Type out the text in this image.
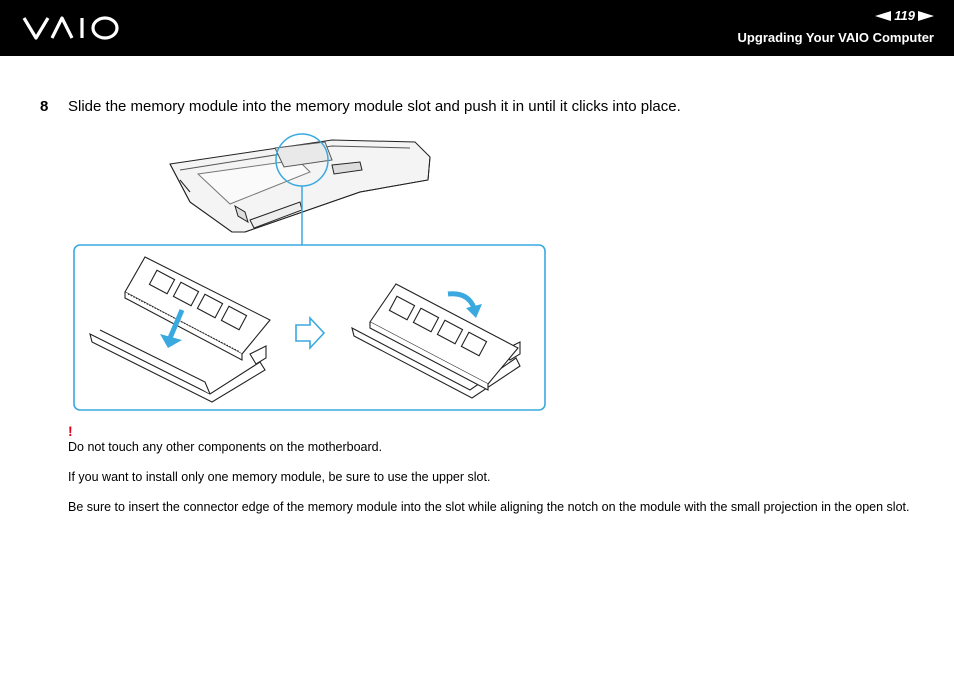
119
Upgrading Your VAIO Computer
8 Slide the memory module into the memory module slot and push it in until it clicks into place.
!

Do not touch any other components on the motherboard.

If you want to install only one memory module, be sure to use the upper slot.

Be sure to insert the connector edge of the memory module into the slot while aligning the notch on the module with the small projection in the open slot.
